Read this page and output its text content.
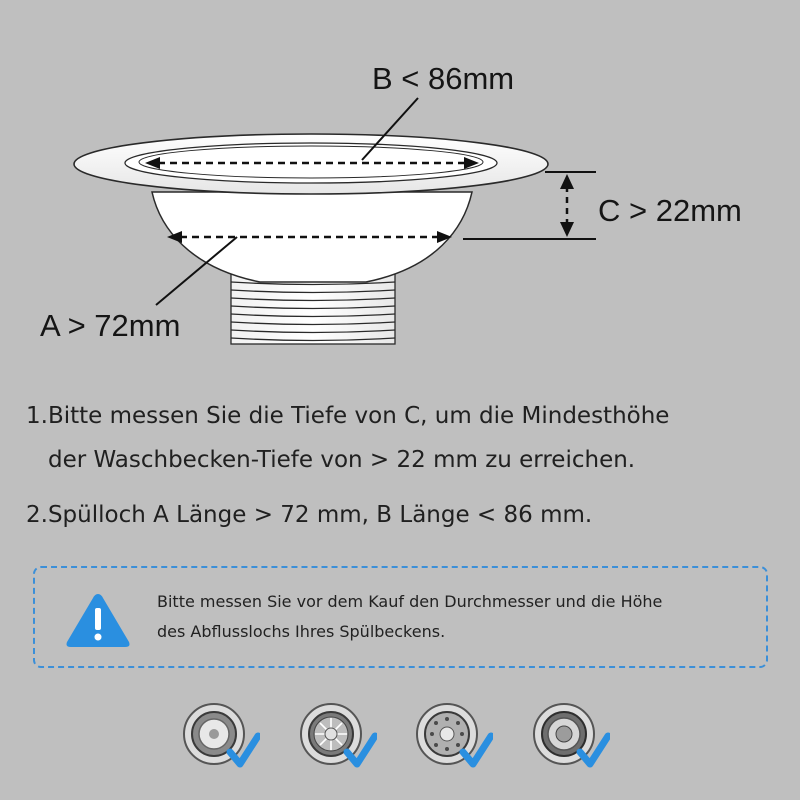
B < 86mm
A > 72mm
C > 22mm
1.Bitte messen Sie die Tiefe von C, um die Mindesthöhe
der Waschbecken-Tiefe von > 22 mm zu erreichen.
2.Spülloch A Länge > 72 mm, B Länge < 86 mm.
Bitte messen Sie vor dem Kauf den Durchmesser und die Höhe
des Abflusslochs Ihres Spülbeckens.
